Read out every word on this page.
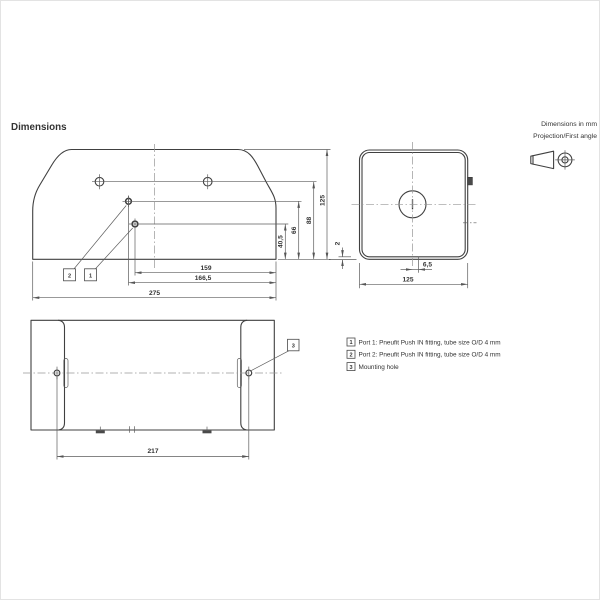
Dimensions	Dimensions in mm
Projection/First angle
2	1
40,5
66
88
125
159
166,5
275
2
6,5
125
3
217
1 Port 1: Pneufit Push IN fitting, tube size O/D 4 mm
2 Port 2: Pneufit Push IN fitting, tube size O/D 4 mm
3 Mounting hole
